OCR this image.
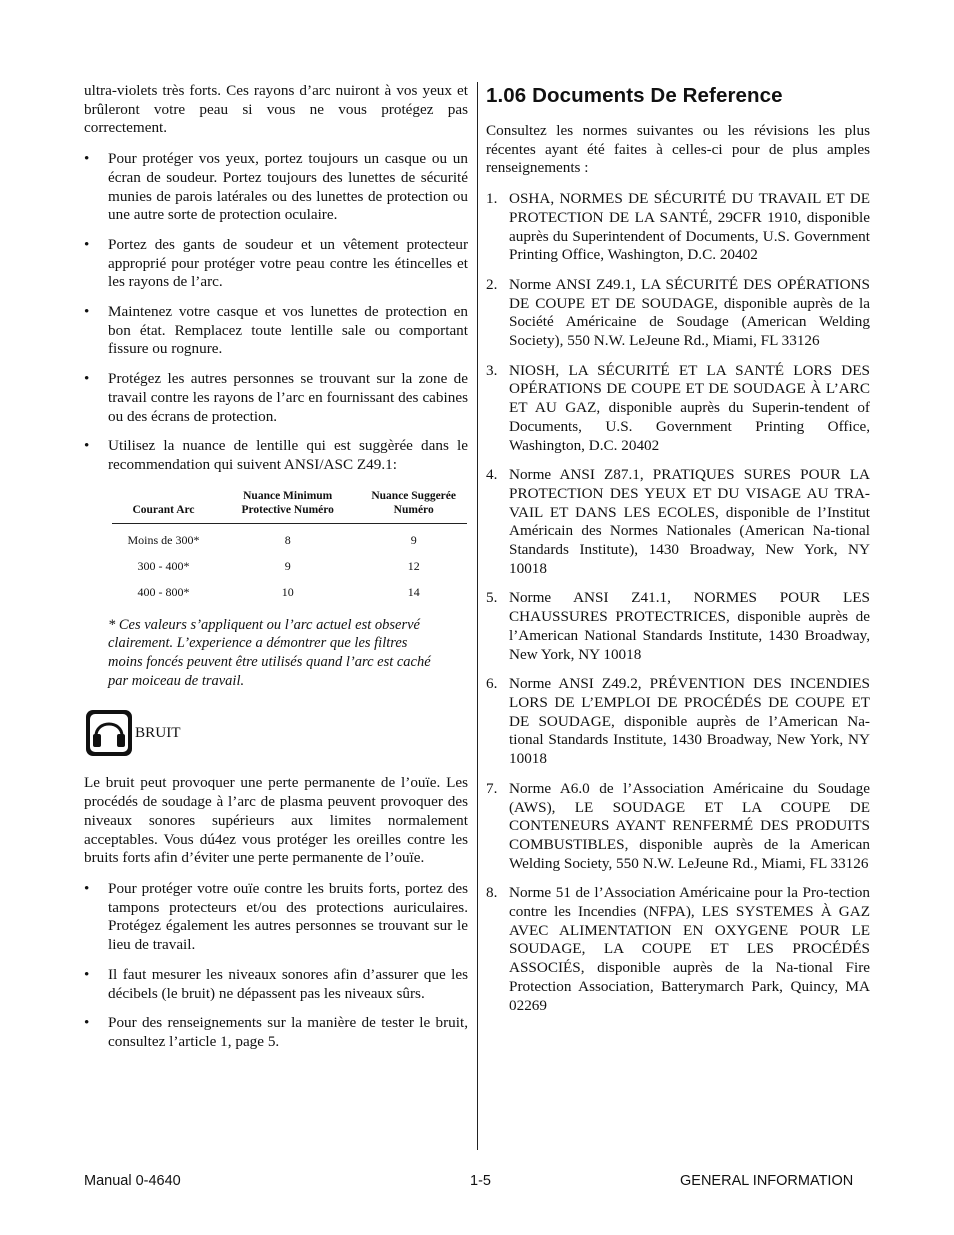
ultra-violets très forts. Ces rayons d’arc nuiront à vos yeux et brûleront votre peau si vous ne vous protégez pas correctement.

• Pour protéger vos yeux, portez toujours un casque ou un écran de soudeur. Portez toujours des lunettes de sécurité munies de parois latérales ou des lunettes de protection ou une autre sorte de protection oculaire.
• Portez des gants de soudeur et un vêtement protecteur approprié pour protéger votre peau contre les étincelles et les rayons de l’arc.
• Maintenez votre casque et vos lunettes de protection en bon état. Remplacez toute lentille sale ou comportant fissure ou rognure.
• Protégez les autres personnes se trouvant sur la zone de travail contre les rayons de l’arc en fournissant des cabines ou des écrans de protection.
• Utilisez la nuance de lentille qui est suggèrée dans le recommendation qui suivent ANSI/ASC Z49.1:
Courant Arc	Nuance Minimum Protective Numéro	Nuance Suggerée Numéro
Moins de 300*	8	9
300 - 400*	9	12
400 - 800*	10	14

* Ces valeurs s’appliquent ou l’arc actuel est observé clairement. L’experience a démontrer que les filtres moins foncés peuvent être utilisés quand l’arc est caché par moiceau de travail.

BRUIT

Le bruit peut provoquer une perte permanente de l’ouïe. Les procédés de soudage à l’arc de plasma peuvent provoquer des niveaux sonores supérieurs aux limites normalement acceptables. Vous dú4ez vous protéger les oreilles contre les bruits forts afin d’éviter une perte permanente de l’ouïe.

• Pour protéger votre ouïe contre les bruits forts, portez des tampons protecteurs et/ou des protections auriculaires. Protégez également les autres personnes se trouvant sur le lieu de travail.
• Il faut mesurer les niveaux sonores afin d’assurer que les décibels (le bruit) ne dépassent pas les niveaux sûrs.
• Pour des renseignements sur la manière de tester le bruit, consultez l’article 1, page 5.
1.06 Documents De Reference

Consultez les normes suivantes ou les révisions les plus récentes ayant été faites à celles-ci pour de plus amples renseignements :

1. OSHA, NORMES DE SÉCURITÉ DU TRAVAIL ET DE PROTECTION DE LA SANTÉ, 29CFR 1910, disponible auprès du Superintendent of Documents, U.S. Government Printing Office, Washington, D.C. 20402
2. Norme ANSI Z49.1, LA SÉCURITÉ DES OPÉRATIONS DE COUPE ET DE SOUDAGE, disponible auprès de la Société Américaine de Soudage (American Welding Society), 550 N.W. LeJeune Rd., Miami, FL 33126
3. NIOSH, LA SÉCURITÉ ET LA SANTÉ LORS DES OPÉRATIONS DE COUPE ET DE SOUDAGE À L’ARC ET AU GAZ, disponible auprès du Superin-tendent of Documents, U.S. Government Printing Office, Washington, D.C. 20402
4. Norme ANSI Z87.1, PRATIQUES SURES POUR LA PROTECTION DES YEUX ET DU VISAGE AU TRA-VAIL ET DANS LES ECOLES, disponible de l’Institut Américain des Normes Nationales (American Na-tional Standards Institute), 1430 Broadway, New York, NY 10018
5. Norme ANSI Z41.1, NORMES POUR LES CHAUSSURES PROTECTRICES, disponible auprès de l’American National Standards Institute, 1430 Broadway, New York, NY 10018
6. Norme ANSI Z49.2, PRÉVENTION DES INCENDIES LORS DE L’EMPLOI DE PROCÉDÉS DE COUPE ET DE SOUDAGE, disponible auprès de l’American Na-tional Standards Institute, 1430 Broadway, New York, NY 10018
7. Norme A6.0 de l’Association Américaine du Soudage (AWS), LE SOUDAGE ET LA COUPE DE CONTENEURS AYANT RENFERMÉ DES PRODUITS COMBUSTIBLES, disponible auprès de la American Welding Society, 550 N.W. LeJeune Rd., Miami, FL 33126
8. Norme 51 de l’Association Américaine pour la Pro-tection contre les Incendies (NFPA), LES SYSTEMES À GAZ AVEC ALIMENTATION EN OXYGENE POUR LE SOUDAGE, LA COUPE ET LES PROCÉDÉS ASSOCIÉS, disponible auprès de la Na-tional Fire Protection Association, Batterymarch Park, Quincy, MA 02269
Manual 0-4640	1-5	GENERAL INFORMATION
